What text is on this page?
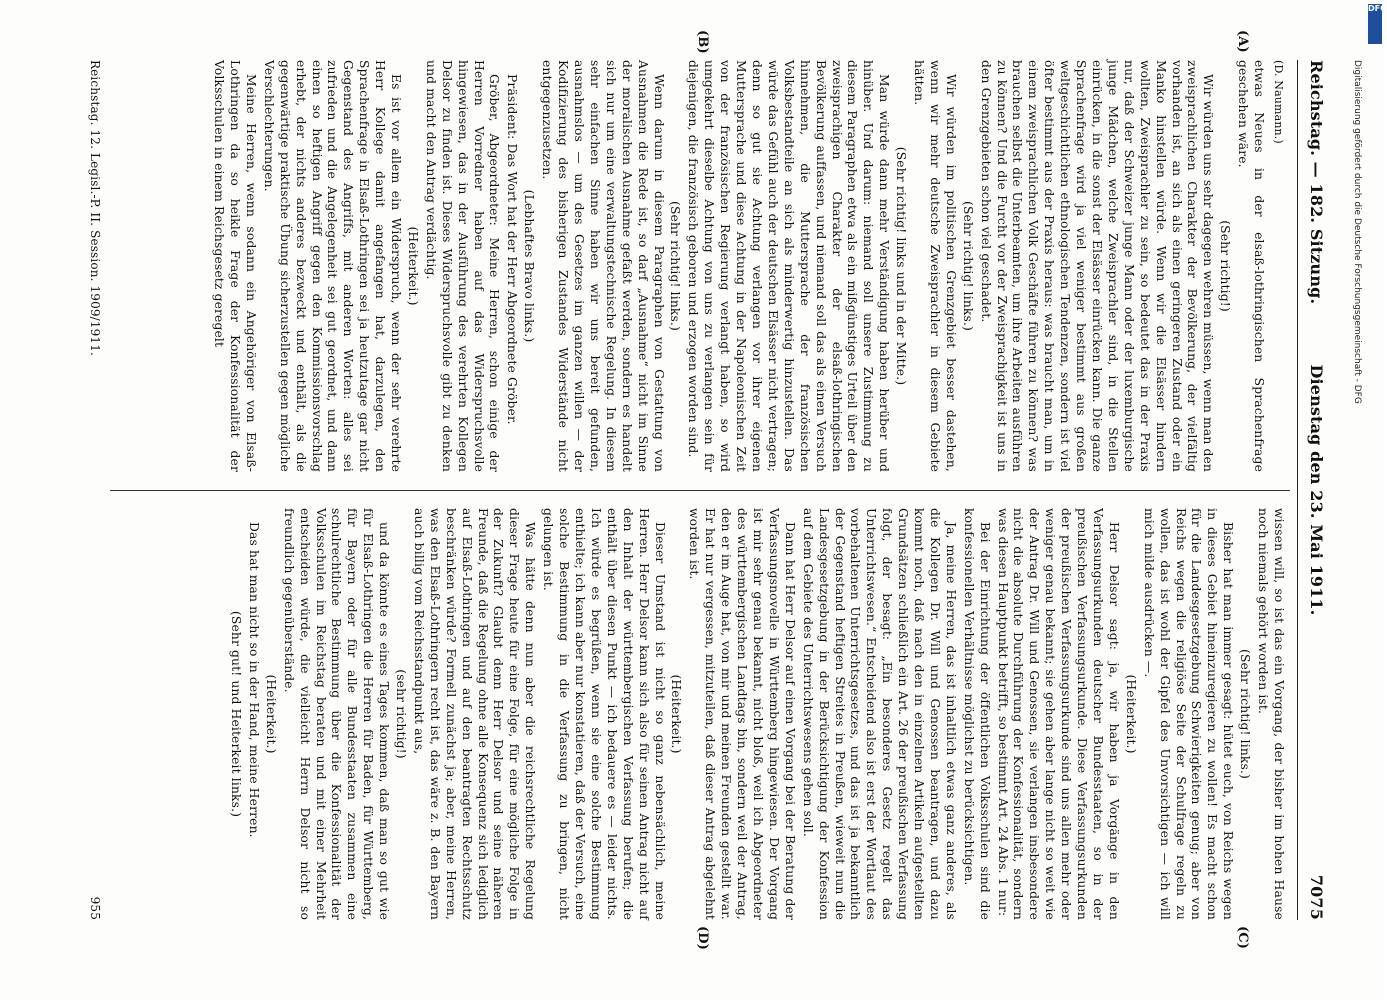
Reichstag. — 182. Sitzung.
Dienstag den 23. Mai 1911.
7075

(D. Naumann.)

etwas Neues in der elsaß-lothringischen Sprachenfrage geschehen wäre.

(Sehr richtig!)

Wir würden uns sehr dagegen wehren müssen, wenn man den zweisprachlichen Charakter der Bevölkerung, der vielfältig vorhanden ist, an sich als einen geringeren Zustand oder ein Manko hinstellen würde. Wenn wir die Elsässer hindern wollten, Zweisprachler zu sein, so bedeutet das in der Praxis nur, daß der Schweizer junge Mann oder der luxemburgische junge Mädchen, welche Zweisprachler sind, in die Stellen einrücken, in die sonst der Elsässer einrücken kann. Die ganze Sprachenfrage wird ja viel weniger bestimmt aus großen weltgeschichtlichen ethnologischen Tendenzen, sondern ist viel öfter bestimmt aus der Praxis heraus: was braucht man, um in einem zweisprachlichen Volk Geschäfte führen zu können? was brauchen selbst die Unterbeamten, um ihre Arbeiten ausführen zu können? Und die Furcht vor der Zweisprachigkeit ist uns in den Grenzgebieten schon viel geschadet.

(Sehr richtig! links.)

Wir würden im politischen Grenzgebiet besser dastehen, wenn wir mehr deutsche Zweisprachler in diesem Gebiete hätten.

(Sehr richtig! links und in der Mitte.)

Man würde dann mehr Verständigung haben herüber und hinüber. Und darum: niemand soll unsere Zustimmung zu diesem Paragraphen etwa als ein mißgünstiges Urteil über den zweisprachigen Charakter der elsaß-lothringischen Bevölkerung auffassen, und niemand soll das als einen Versuch hinnehmen, die Muttersprache der französischen Volksbestandteile an sich als minderwertig hinzustellen. Das würde das Gefühl auch der deutschen Elsässer nicht vertragen; denn so gut sie Achtung verlangen vor ihrer eigenen Muttersprache und diese Achtung in der Napoleonischen Zeit von der französischen Regierung verlangt haben, so wird umgekehrt dieselbe Achtung von uns zu verlangen sein für diejenigen, die französisch geboren und erzogen worden sind.

(Sehr richtig! links.)

Wenn darum in diesem Paragraphen von Gestattung von Ausnahmen die Rede ist, so darf „Ausnahme“ nicht im Sinne der moralischen Ausnahme gefaßt werden, sondern es handelt sich nur um eine verwaltungstechnische Regelung. In diesem sehr einfachen Sinne haben wir uns bereit gefunden, ausnahmslos — um des Gesetzes im ganzen willen — der Kodifizierung des bisherigen Zustandes Widerstände nicht entgegenzusetzen.

(Lebhaftes Bravo links.)

Präsident: Das Wort hat der Herr Abgeordnete Gröber.

Gröber, Abgeordneter: Meine Herren, schon einige der Herren Vorredner haben auf das Widerspruchsvolle hingewiesen, das in der Ausführung des verehrten Kollegen Delsor zu finden ist. Dieses Widerspruchsvolle gibt zu denken und macht den Antrag verdächtig.

(Heiterkeit.)

Es ist vor allem ein Widerspruch, wenn der sehr verehrte Herr Kollege damit angefangen hat, darzulegen, den Sprachenfrage in Elsaß-Lothringen sei ja heutzutage gar nicht Gegenstand des Angriffs, mit anderen Worten: alles sei zufrieden und die Angelegenheit sei gut geordnet, und dann einen so heftigen Angriff gegen den Kommissionsvorschlag erhebt, der nichts anderes bezweckt und enthält, als die gegenwärtige praktische Übung sicherzustellen gegen mögliche Verschlechterungen.

Meine Herren, wenn sodann ein Angehöriger von Elsaß-Lothringen da so heikle Frage der Konfessionalität der Volksschulen in einem Reichsgesetz geregelt

wissen will, so ist das ein Vorgang, der bisher im hohen Hause noch niemals gehört worden ist.

(Sehr richtig! links.)

Bisher hat man immer gesagt: hütet euch, von Reichs wegen in dieses Gebiet hineinzuregieren zu wollen! Es macht schon für die Landesgesetzgebung Schwierigkeiten genug; aber von Reichs wegen die religiöse Seite der Schulfrage regeln zu wollen, das ist wohl der Gipfel des Unvorsichtigen — ich will mich milde ausdrücken —.

(Heiterkeit.)

Herr Delsor sagt: ja, wir haben ja Vorgänge in den Verfassungsurkunden deutscher Bundesstaaten, so in der preußischen Verfassungsurkunde. Diese Verfassungsurkunden der preußischen Verfassungsurkunde sind uns allen mehr oder weniger genau bekannt; sie gehen aber lange nicht so weit wie der Antrag Dr. Will und Genossen, sie verlangen insbesondere nicht die absolute Durchführung der Konfessionalität, sondern was diesen Hauptpunkt betrifft, so bestimmt Art. 24 Abs. 1 nur:

Bei der Einrichtung der öffentlichen Volksschulen sind die konfessionellen Verhältnisse möglichst zu berücksichtigen.

Ja, meine Herren, das ist inhaltlich etwas ganz anderes, als die Kollegen Dr. Will und Genossen beantragen, und dazu kommt noch, daß nach den in einzelnen Artikeln aufgestellten Grundsätzen schließlich ein Art. 26 der preußischen Verfassung folgt, der besagt: „Ein besonderes Gesetz regelt das Unterrichtswesen.“ Entscheidend also ist erst der Wortlaut des vorbehaltenen Unterrichtsgesetzes, und das ist ja bekanntlich der Gegenstand heftigen Streites in Preußen, wieweit nun die Landesgesetzgebung in der Berücksichtigung der Konfession auf dem Gebiete des Unterrichtswesens gehen soll.

Dann hat Herr Delsor auf einen Vorgang bei der Beratung der Verfassungsnovelle in Württemberg hingewiesen. Der Vorgang ist mir sehr genau bekannt, nicht bloß, weil ich Abgeordneter des württembergischen Landtags bin, sondern weil der Antrag, den er im Auge hat, von mir und meinen Freunden gestellt war. Er hat nur vergessen, mitzuteilen, daß dieser Antrag abgelehnt worden ist.

(Heiterkeit.)

Dieser Umstand ist nicht so ganz nebensächlich, meine Herren. Herr Delsor kann sich also für seinen Antrag nicht auf den Inhalt der württembergischen Verfassung berufen; die enthält über diesen Punkt — ich bedauere es — leider nichts. Ich würde es begrüßen, wenn sie eine solche Bestimmung enthielte; ich kann aber nur konstatieren, daß der Versuch, eine solche Bestimmung in die Verfassung zu bringen, nicht gelungen ist.

Was hätte denn nun aber die reichsrechtliche Regelung dieser Frage heute für eine Folge, für eine mögliche Folge in der Zukunft? Glaubt denn Herr Delsor und seine näheren Freunde, daß die Regelung ohne alle Konsequenz sich lediglich auf Elsaß-Lothringen und auf den beantragten Rechtsschutz beschränken würde? Formell zunächst ja; aber, meine Herren, was den Elsaß-Lothringern recht ist, das wäre z. B. den Bayern auch billig vom Reichsstandpunkt aus,

(sehr richtig!)

und da könnte es eines Tages kommen, daß man so gut wie für Elsaß-Lothringen die Herren für Baden, für Württemberg, für Bayern oder für alle Bundesstaaten zusammen eine schulrechtliche Bestimmung über die Konfessionalität der Volksschulen im Reichstag beraten und mit einer Mehrheit entscheiden würde, die vielleicht Herrn Delsor nicht so freundlich gegenüberstände.

(Heiterkeit.)

Das hat man nicht so in der Hand, meine Herren.

(Sehr gut! und Heiterkeit links.)

(A)
(B)
(C)
(D)
Reichstag. 12. Legisl.-P. II. Session. 1909/1911.
955
DFG
Digitalisierung gefördert durch die Deutsche Forschungsgemeinschaft - DFG
